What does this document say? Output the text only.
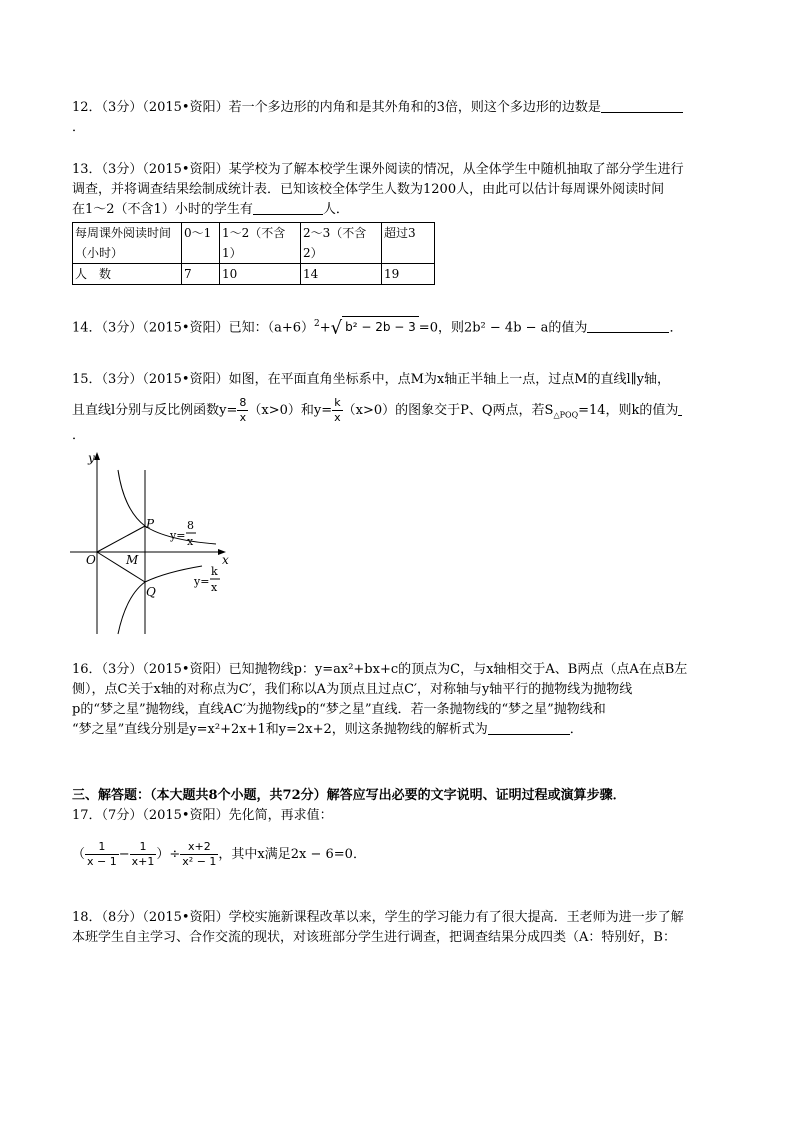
12．（3分）（2015•资阳）若一个多边形的内角和是其外角和的3倍，则这个多边形的边数是
．
13．（3分）（2015•资阳）某学校为了解本校学生课外阅读的情况，从全体学生中随机抽取了部分学生进行
调查，并将调查结果绘制成统计表．已知该校全体学生人数为1200人，由此可以估计每周课外阅读时间
在1～2（不含1）小时的学生有	人．
每周课外阅读时间（小时）	0～1	1～2（不含1）	2～3（不含2）	超过3
人　数	7	10	14	19
14．（3分）（2015•资阳）已知：$(a+6)^2+√$ b² − 2b − 3 =0，则2b² − 4b − a的值为	．
15．（3分）（2015•资阳）如图，在平面直角坐标系中，点M为x轴正半轴上一点，过点M的直线l∥y轴，
且直线l分别与反比例函数$y= \frac{8}{x} (x>0)$和$y= \frac{k}{x} (x>0)$的图象交于P、Q两点，若$S_{\triangle POQ}=14$，则k的值为
．
y
x
O	M
P
Q
y=
8
x
y=
k
x
16．（3分）（2015•资阳）已知抛物线p：y=ax²+bx+c的顶点为C，与x轴相交于A、B两点（点A在点B左
侧），点C关于x轴的对称点为C′，我们称以A为顶点且过点C′，对称轴与y轴平行的抛物线为抛物线
p的“梦之星”抛物线，直线AC′为抛物线p的“梦之星”直线．若一条抛物线的“梦之星”抛物线和
“梦之星”直线分别是y=x²+2x+1和y=2x+2，则这条抛物线的解析式为	．
三、解答题：（本大题共8个小题，共72分）解答应写出必要的文字说明、证明过程或演算步骤．
17．（7分）（2015•资阳）先化简，再求值：
（ $\frac{1}{x - 1} - \frac{1}{x+1}$ ）÷ $\frac{x+2}{\text{x² − 1}}$ ，其中x满足2x − 6=0．
18．（8分）（2015•资阳）学校实施新课程改革以来，学生的学习能力有了很大提高．王老师为进一步了解
本班学生自主学习、合作交流的现状，对该班部分学生进行调查，把调查结果分成四类（A：特别好，B：
